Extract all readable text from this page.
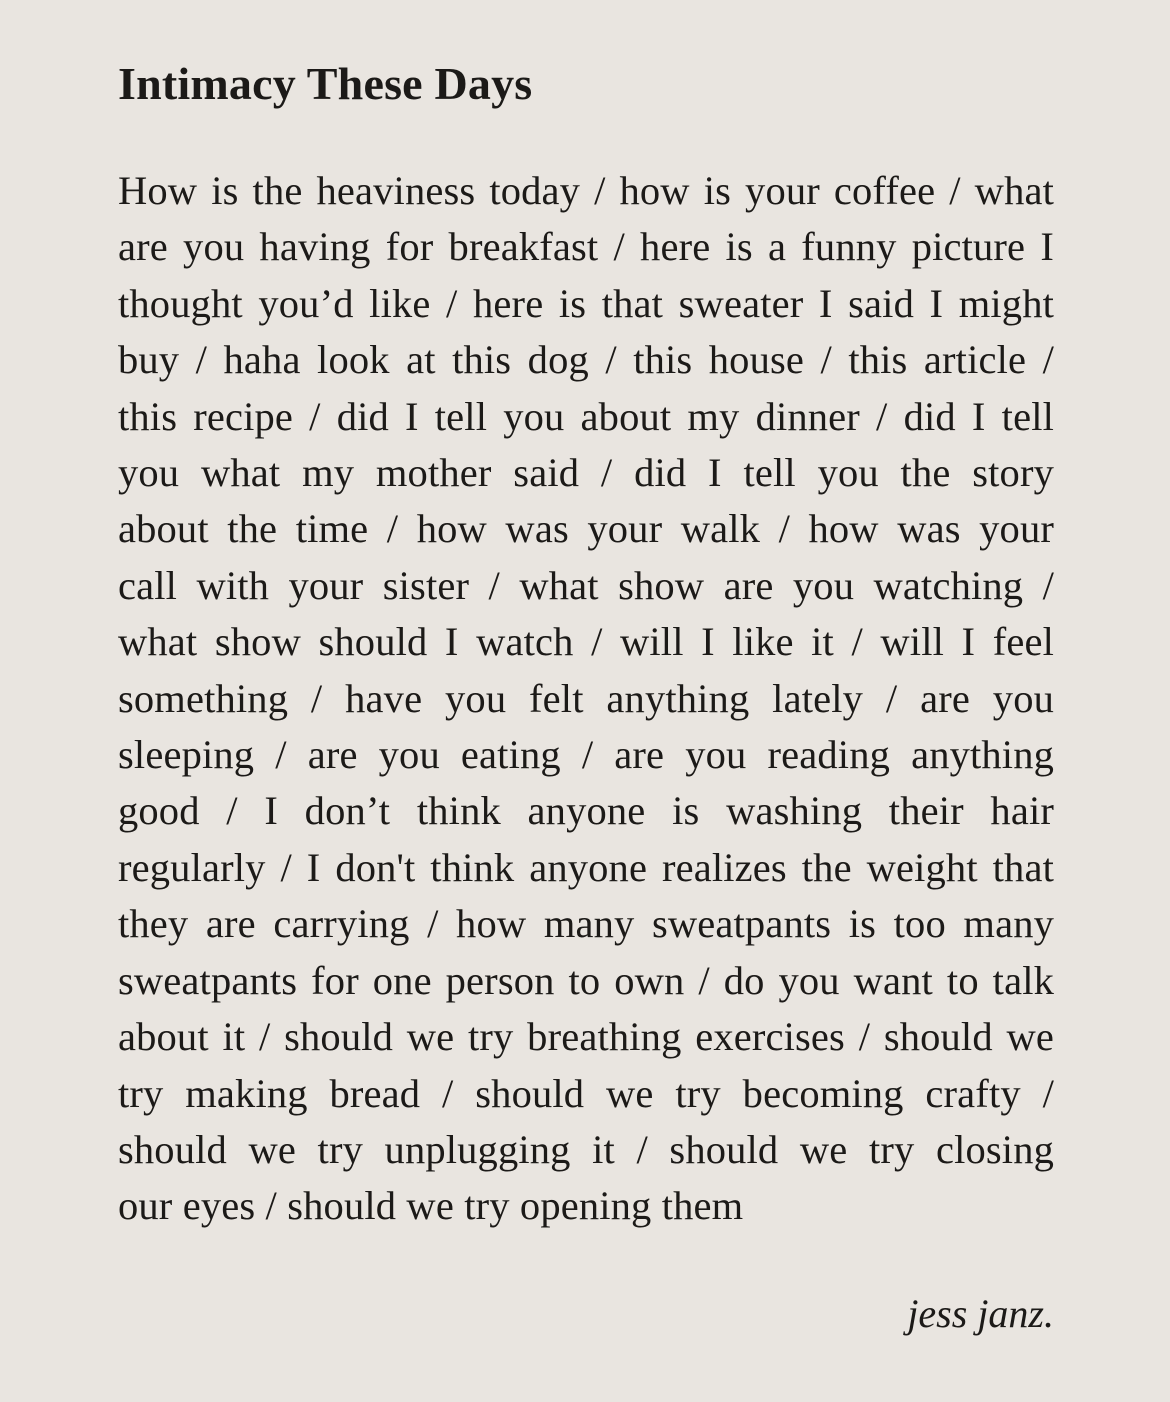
Intimacy These Days
How is the heaviness today / how is your coffee / what
are you having for breakfast / here is a funny picture I
thought you’d like / here is that sweater I said I might
buy / haha look at this dog / this house / this article /
this recipe / did I tell you about my dinner / did I tell
you what my mother said / did I tell you the story
about the time / how was your walk / how was your
call with your sister / what show are you watching /
what show should I watch / will I like it / will I feel
something / have you felt anything lately / are you
sleeping / are you eating / are you reading anything
good / I don’t think anyone is washing their hair
regularly / I don't think anyone realizes the weight that
they are carrying / how many sweatpants is too many
sweatpants for one person to own / do you want to talk
about it / should we try breathing exercises / should we
try making bread / should we try becoming crafty /
should we try unplugging it / should we try closing
our eyes / should we try opening them

jess janz.
